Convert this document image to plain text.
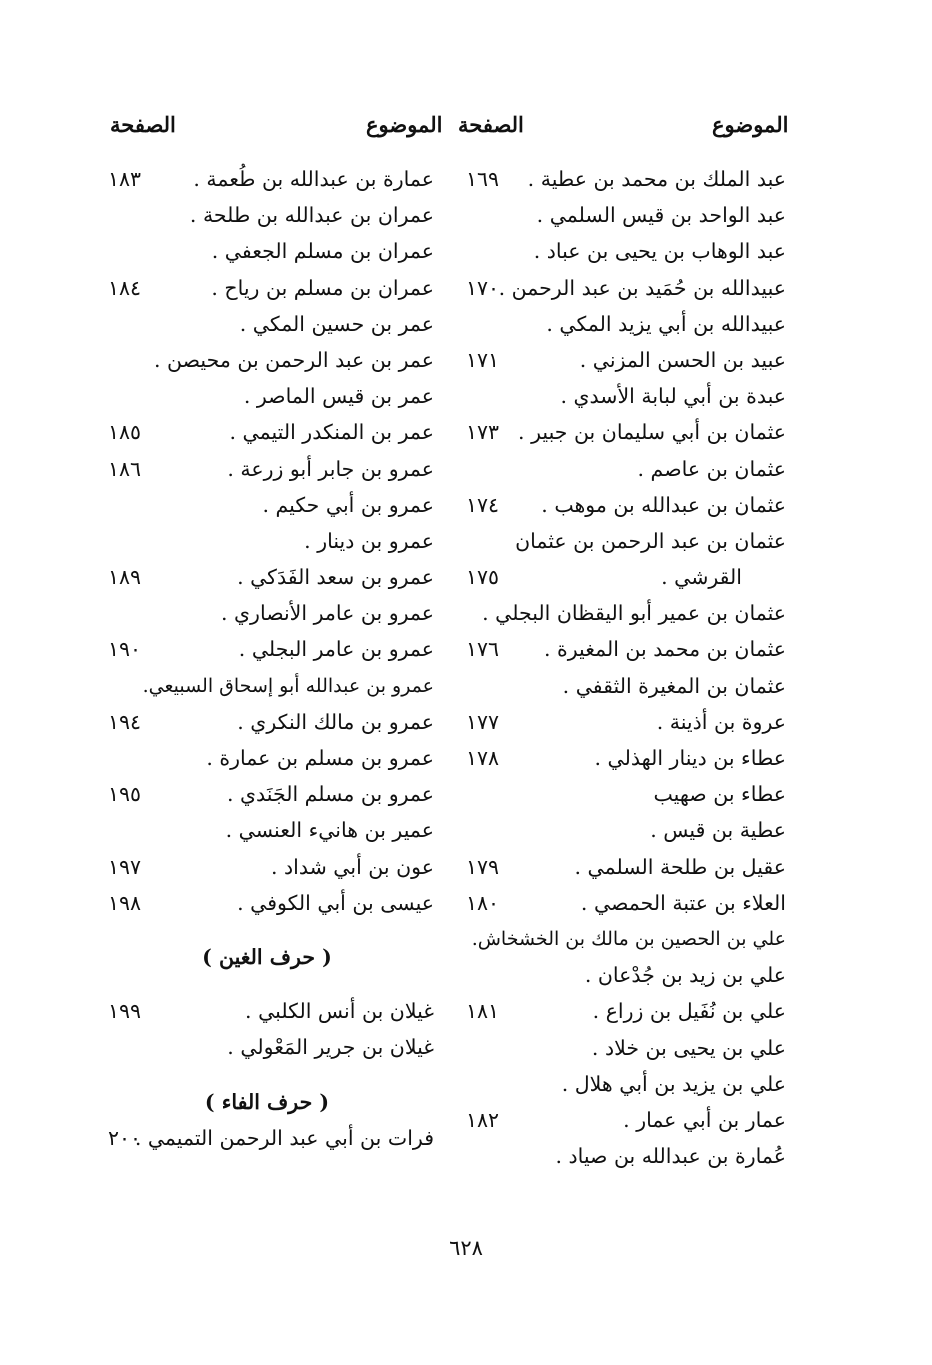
الموضوع
الصفحة
الموضوع
الصفحة
عبد الملك بن محمد بن عطية .
١٦٩
عبد الواحد بن قيس السلمي .
عبد الوهاب بن يحيى بن عباد .
عبيدالله بن حُمَيد بن عبد الرحمن .
١٧٠
عبيدالله بن أبي يزيد المكي .
عبيد بن الحسن المزني .
١٧١
عبدة بن أبي لبابة الأسدي .
عثمان بن أبي سليمان بن جبير .
١٧٣
عثمان بن عاصم .
عثمان بن عبدالله بن موهب .
١٧٤
عثمان بن عبد الرحمن بن عثمان
القرشي .
١٧٥
عثمان بن عمير أبو اليقظان البجلي .
عثمان بن محمد بن المغيرة .
١٧٦
عثمان بن المغيرة الثقفي .
عروة بن أذينة .
١٧٧
عطاء بن دينار الهذلي .
١٧٨
عطاء بن صهيب
عطية بن قيس .
عقيل بن طلحة السلمي .
١٧٩
العلاء بن عتبة الحمصي .
١٨٠
علي بن الحصين بن مالك بن الخشخاش.
علي بن زيد بن جُدْعان .
علي بن نُفَيل بن زراع .
١٨١
علي بن يحيى بن خلاد .
علي بن يزيد بن أبي هلال .
عمار بن أبي عمار .
١٨٢
عُمارة بن عبدالله بن صياد .
عمارة بن عبدالله بن طُعمة .
١٨٣
عمران بن عبدالله بن طلحة .
عمران بن مسلم الجعفي .
عمران بن مسلم بن رياح .
١٨٤
عمر بن حسين المكي .
عمر بن عبد الرحمن بن محيصن .
عمر بن قيس الماصر .
عمر بن المنكدر التيمي .
١٨٥
عمرو بن جابر أبو زرعة .
١٨٦
عمرو بن أبي حكيم .
عمرو بن دينار .
عمرو بن سعد الفَدَكي .
١٨٩
عمرو بن عامر الأنصاري .
عمرو بن عامر البجلي .
١٩٠
عمرو بن عبدالله أبو إسحاق السبيعي.
عمرو بن مالك النكري .
١٩٤
عمرو بن مسلم بن عمارة .
عمرو بن مسلم الجَنَدي .
١٩٥
عمير بن هانيء العنسي .
عون بن أبي شداد .
١٩٧
عيسى بن أبي الكوفي .
١٩٨
( حرف الغين )
غيلان بن أنس الكلبي .
١٩٩
غيلان بن جرير المَعْولي .
( حرف الفاء )
فرات بن أبي عبد الرحمن التميمي .
٢٠٠
٦٢٨
